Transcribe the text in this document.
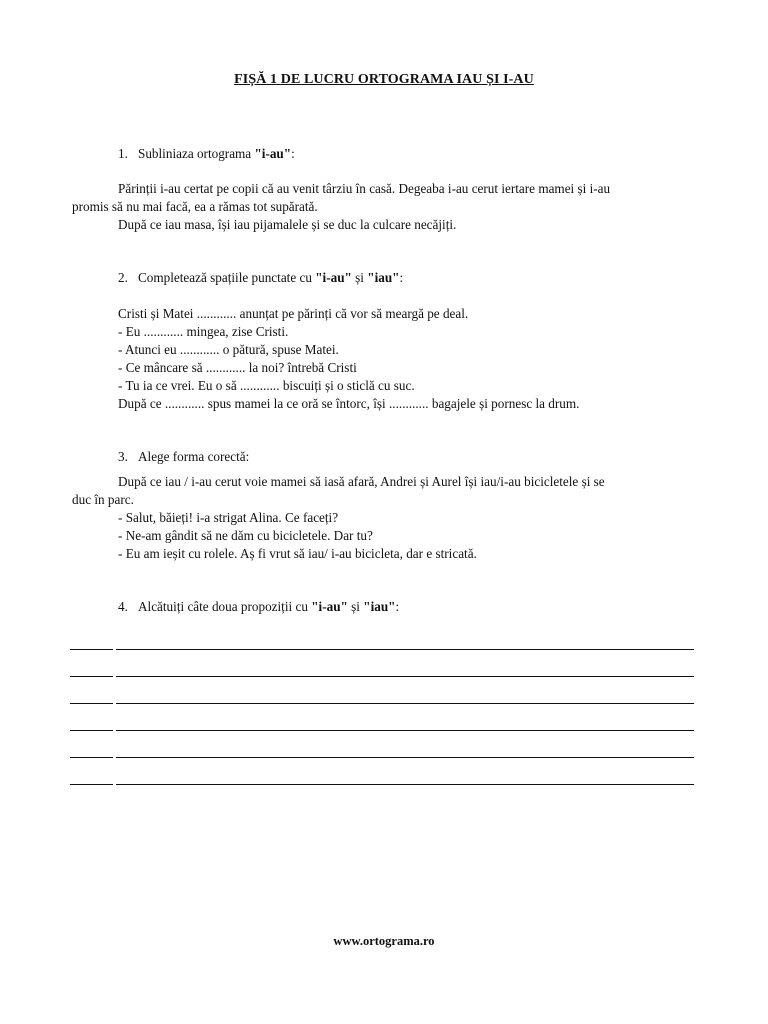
FIȘĂ 1 DE LUCRU ORTOGRAMA IAU ȘI I-AU
1. Subliniaza ortograma "i-au":
Părinții i-au certat pe copii că au venit târziu în casă. Degeaba i-au cerut iertare mamei și i-au
promis să nu mai facă, ea a rămas tot supărată.
După ce iau masa, își iau pijamalele și se duc la culcare necăjiți.
2. Completează spațiile punctate cu "i-au" și "iau":
Cristi și Matei ............ anunțat pe părinți că vor să meargă pe deal.
- Eu ............ mingea, zise Cristi.
- Atunci eu ............ o pătură, spuse Matei.
- Ce mâncare să ............ la noi? întrebă Cristi
- Tu ia ce vrei. Eu o să ............ biscuiți și o sticlă cu suc.
După ce ............ spus mamei la ce oră se întorc, își ............ bagajele și pornesc la drum.
3. Alege forma corectă:
După ce iau / i-au cerut voie mamei să iasă afară, Andrei și Aurel își iau/i-au bicicletele și se
duc în parc.
- Salut, băieți! i-a strigat Alina. Ce faceți?
- Ne-am gândit să ne dăm cu bicicletele. Dar tu?
- Eu am ieșit cu rolele. Aș fi vrut să iau/ i-au bicicleta, dar e stricată.
4. Alcătuiți câte doua propoziții cu "i-au" și "iau":
www.ortograma.ro
